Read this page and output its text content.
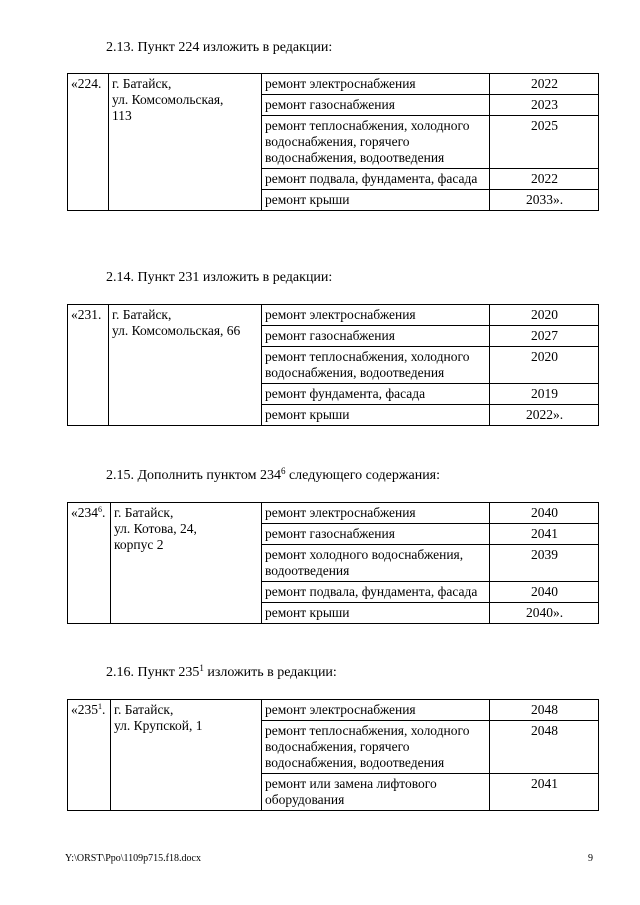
2.13. Пункт 224 изложить в редакции:
«224.	г. Батайск,
ул. Комсомольская,
113	ремонт электроснабжения	2022
		ремонт газоснабжения	2023
		ремонт теплоснабжения, холодного водоснабжения, горячего водоснабжения, водоотведения	2025
		ремонт подвала, фундамента, фасада	2022
		ремонт крыши	2033».
2.14. Пункт 231 изложить в редакции:
«231.	г. Батайск,
ул. Комсомольская, 66	ремонт электроснабжения	2020
		ремонт газоснабжения	2027
		ремонт теплоснабжения, холодного водоснабжения, водоотведения	2020
		ремонт фундамента, фасада	2019
		ремонт крыши	2022».
2.15. Дополнить пунктом $234^6$ следующего содержания:
«$234^6$.	г. Батайск,
ул. Котова, 24,
корпус 2	ремонт электроснабжения	2040
		ремонт газоснабжения	2041
		ремонт холодного водоснабжения, водоотведения	2039
		ремонт подвала, фундамента, фасада	2040
		ремонт крыши	2040».
2.16. Пункт $235^1$ изложить в редакции:
«$235^1$.	г. Батайск,
ул. Крупской, 1	ремонт электроснабжения	2048
		ремонт теплоснабжения, холодного водоснабжения, горячего водоснабжения, водоотведения	2048
		ремонт или замена лифтового оборудования	2041
Y:\ORST\Ppo\1109p715.f18.docx	9
